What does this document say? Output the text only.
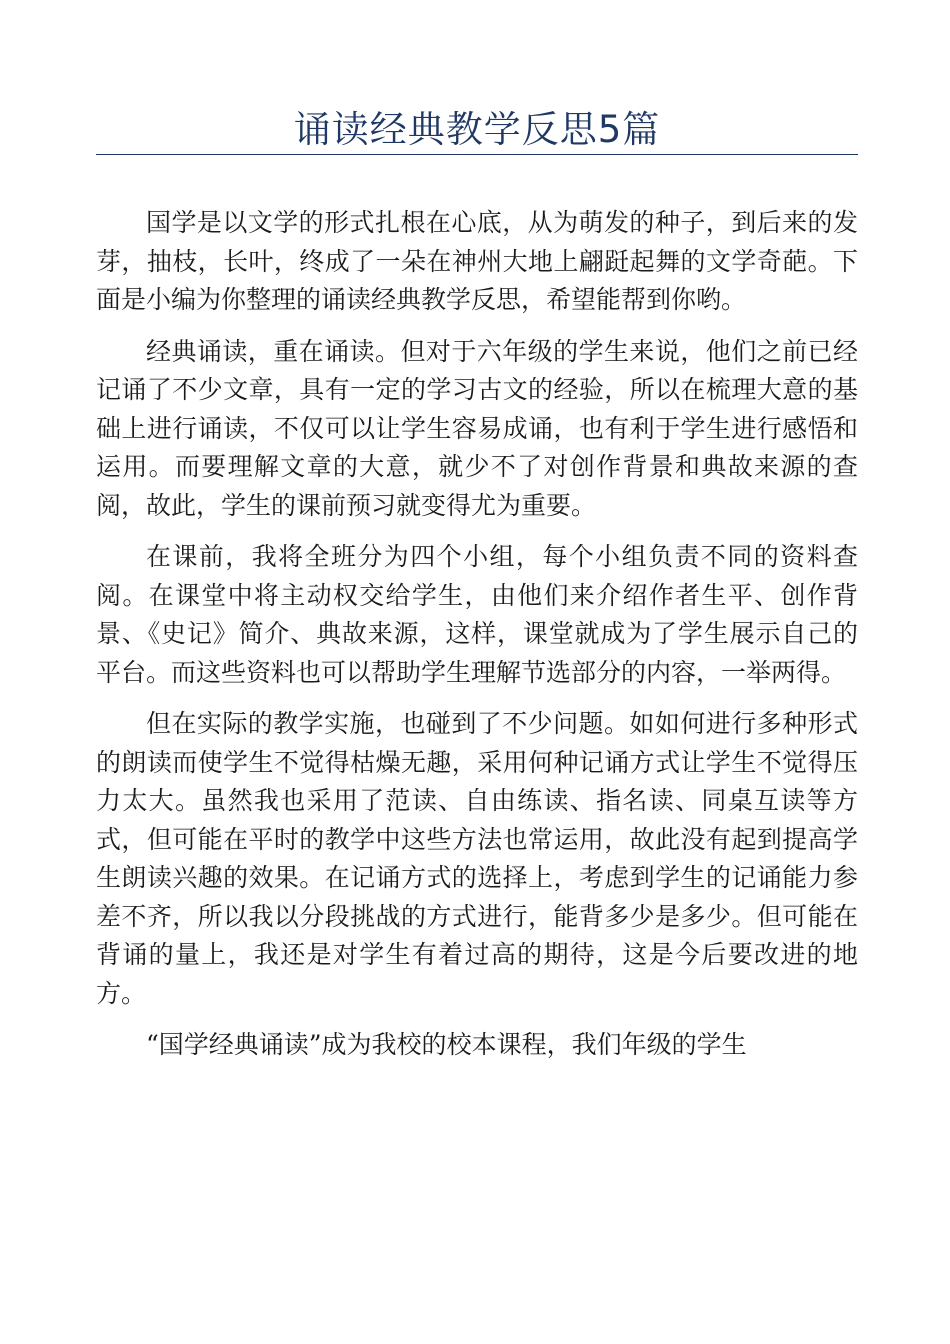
诵读经典教学反思5篇

国学是以文学的形式扎根在心底，从为萌发的种子，到后来的发芽，抽枝，长叶，终成了一朵在神州大地上翩跹起舞的文学奇葩。下面是小编为你整理的诵读经典教学反思，希望能帮到你哟。

经典诵读，重在诵读。但对于六年级的学生来说，他们之前已经记诵了不少文章，具有一定的学习古文的经验，所以在梳理大意的基础上进行诵读，不仅可以让学生容易成诵，也有利于学生进行感悟和运用。而要理解文章的大意，就少不了对创作背景和典故来源的查阅，故此，学生的课前预习就变得尤为重要。

在课前，我将全班分为四个小组，每个小组负责不同的资料查阅。在课堂中将主动权交给学生，由他们来介绍作者生平、创作背景、《史记》简介、典故来源，这样，课堂就成为了学生展示自己的平台。而这些资料也可以帮助学生理解节选部分的内容，一举两得。

但在实际的教学实施，也碰到了不少问题。如如何进行多种形式的朗读而使学生不觉得枯燥无趣，采用何种记诵方式让学生不觉得压力太大。虽然我也采用了范读、自由练读、指名读、同桌互读等方式，但可能在平时的教学中这些方法也常运用，故此没有起到提高学生朗读兴趣的效果。在记诵方式的选择上，考虑到学生的记诵能力参差不齐，所以我以分段挑战的方式进行，能背多少是多少。但可能在背诵的量上，我还是对学生有着过高的期待，这是今后要改进的地方。

“国学经典诵读”成为我校的校本课程，我们年级的学生
